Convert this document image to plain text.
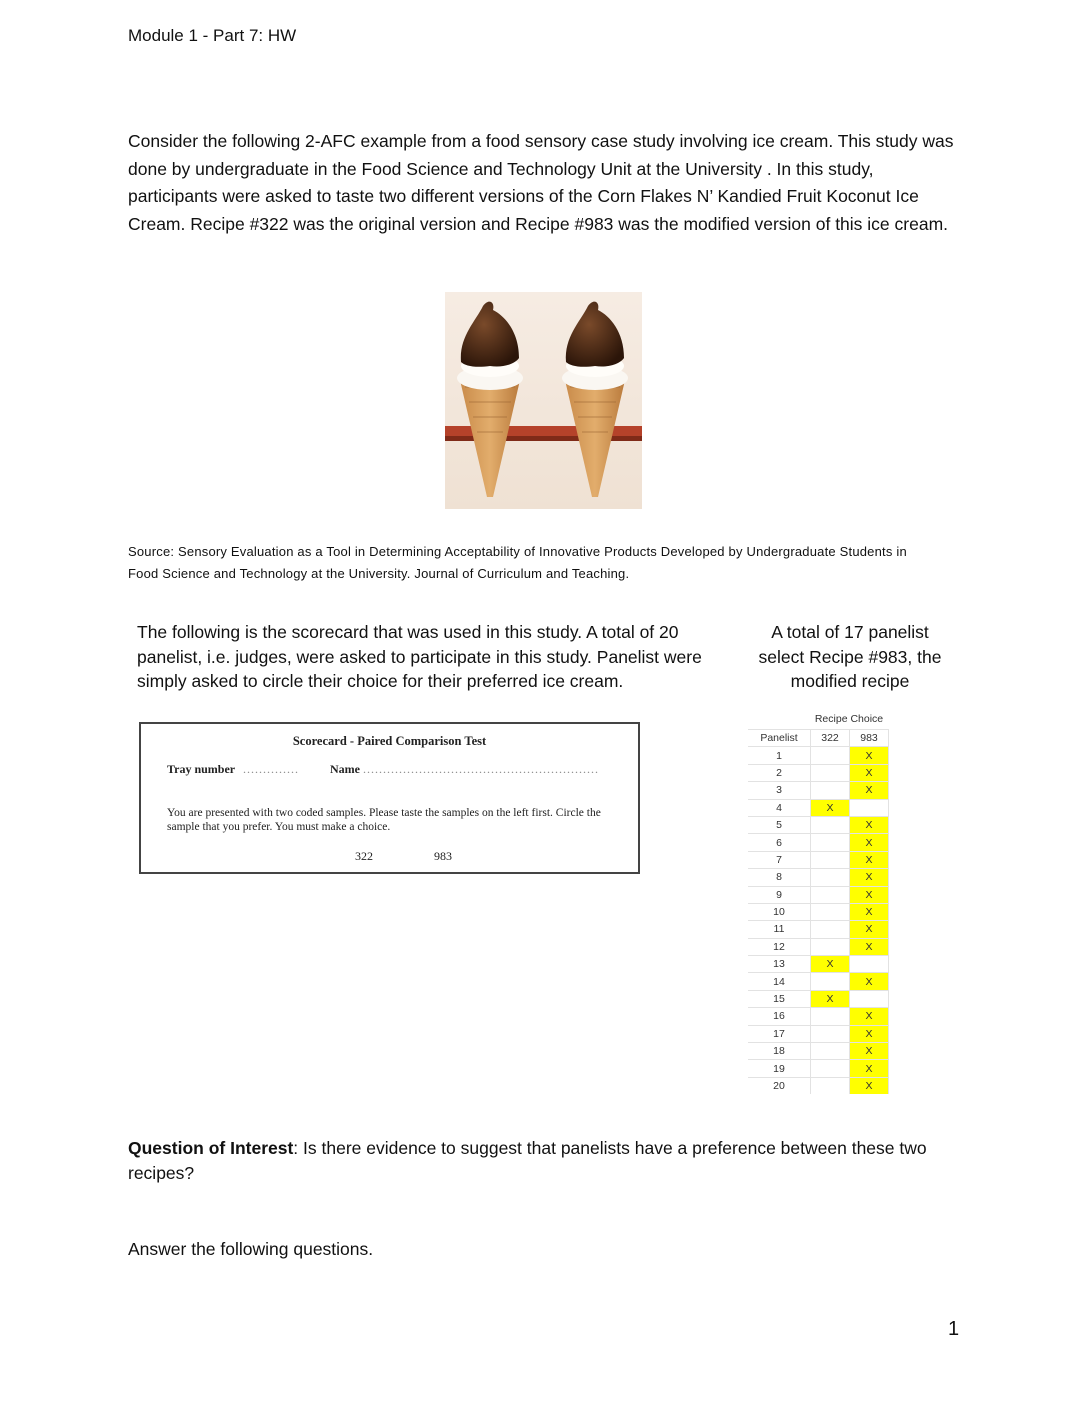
Module 1 - Part 7: HW
Consider the following 2-AFC example from a food sensory case study involving ice cream. This study was done by undergraduate in the Food Science and Technology Unit at the University . In this study, participants were asked to taste two different versions of the Corn Flakes N’ Kandied Fruit Koconut Ice Cream. Recipe #322 was the original version and Recipe #983 was the modified version of this ice cream.
Source: Sensory Evaluation as a Tool in Determining Acceptability of Innovative Products Developed by Undergraduate Students in Food Science and Technology at the University. Journal of Curriculum and Teaching.
The following is the scorecard that was used in this study. A total of 20 panelist, i.e. judges, were asked to participate in this study. Panelist were simply asked to circle their choice for their preferred ice cream.
A total of 17 panelist select Recipe #983, the modified recipe
Scorecard - Paired Comparison Test
Tray number ..............	Name ...........................................................
You are presented with two coded samples. Please taste the samples on the left first. Circle the sample that you prefer. You must make a choice.
322	983
Recipe Choice
Panelist	322	983
1		X
2		X
3		X
4	X	
5		X
6		X
7		X
8		X
9		X
10		X
11		X
12		X
13	X	
14		X
15	X	
16		X
17		X
18		X
19		X
20		X
Question of Interest: Is there evidence to suggest that panelists have a preference between these two recipes?
Answer the following questions.
1
